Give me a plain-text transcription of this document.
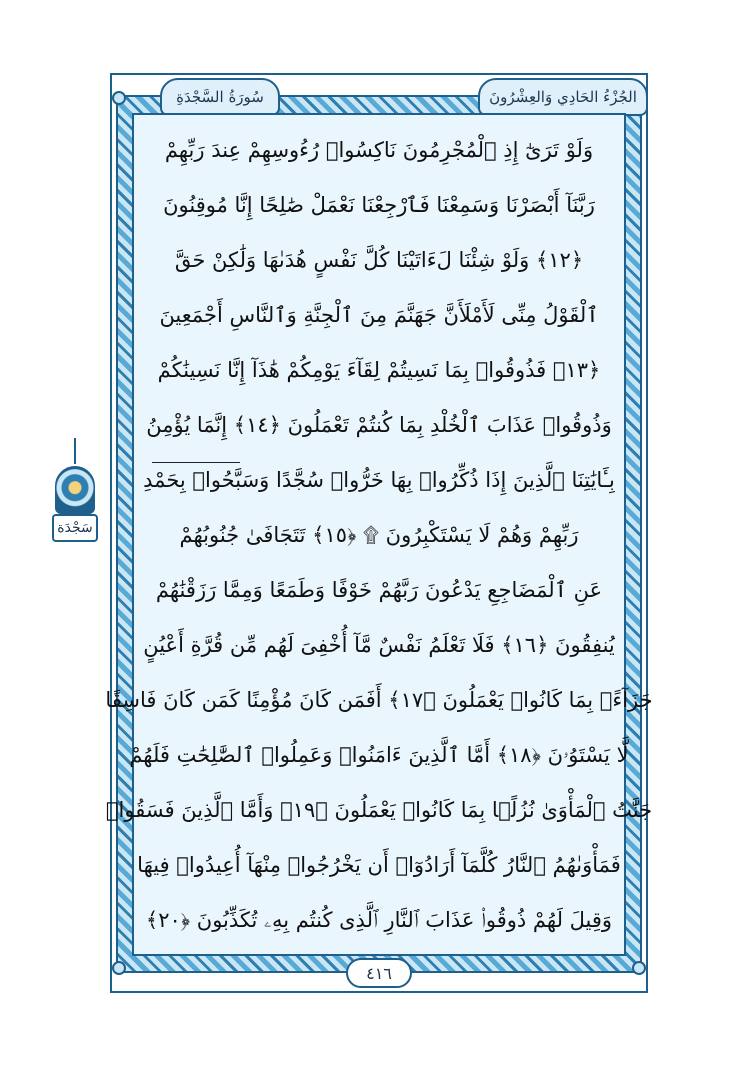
الجُزْءُ الحَادِي وَالعِشْرُونَ
سُورَةُ السَّجْدَةِ
وَلَوْ تَرَىٰٓ إِذِ ٱلْمُجْرِمُونَ نَاكِسُوا۟ رُءُوسِهِمْ عِندَ رَبِّهِمْ
رَبَّنَآ أَبْصَرْنَا وَسَمِعْنَا فَٱرْجِعْنَا نَعْمَلْ صَٰلِحًا إِنَّا مُوقِنُونَ
﴿١٢﴾ وَلَوْ شِئْنَا لَءَاتَيْنَا كُلَّ نَفْسٍ هُدَىٰهَا وَلَٰكِنْ حَقَّ
ٱلْقَوْلُ مِنِّى لَأَمْلَأَنَّ جَهَنَّمَ مِنَ ٱلْجِنَّةِ وَٱلنَّاسِ أَجْمَعِينَ
﴿١٣﴾ فَذُوقُوا۟ بِمَا نَسِيتُمْ لِقَآءَ يَوْمِكُمْ هَٰذَآ إِنَّا نَسِينَٰكُمْ
وَذُوقُوا۟ عَذَابَ ٱلْخُلْدِ بِمَا كُنتُمْ تَعْمَلُونَ ﴿١٤﴾ إِنَّمَا يُؤْمِنُ
بِـَٔايَٰتِنَا ٱلَّذِينَ إِذَا ذُكِّرُوا۟ بِهَا خَرُّوا۟ سُجَّدًا وَسَبَّحُوا۟ بِحَمْدِ
رَبِّهِمْ وَهُمْ لَا يَسْتَكْبِرُونَ ۩ ﴿١٥﴾ تَتَجَافَىٰ جُنُوبُهُمْ
عَنِ ٱلْمَضَاجِعِ يَدْعُونَ رَبَّهُمْ خَوْفًا وَطَمَعًا وَمِمَّا رَزَقْنَٰهُمْ
يُنفِقُونَ ﴿١٦﴾ فَلَا تَعْلَمُ نَفْسٌ مَّآ أُخْفِىَ لَهُم مِّن قُرَّةِ أَعْيُنٍ
جَزَآءًۢ بِمَا كَانُوا۟ يَعْمَلُونَ ﴿١٧﴾ أَفَمَن كَانَ مُؤْمِنًا كَمَن كَانَ فَاسِقًا
لَّا يَسْتَوُۥنَ ﴿١٨﴾ أَمَّا ٱلَّذِينَ ءَامَنُوا۟ وَعَمِلُوا۟ ٱلصَّٰلِحَٰتِ فَلَهُمْ
جَنَّٰتُ ٱلْمَأْوَىٰ نُزُلًۢا بِمَا كَانُوا۟ يَعْمَلُونَ ﴿١٩﴾ وَأَمَّا ٱلَّذِينَ فَسَقُوا۟
فَمَأْوَىٰهُمُ ٱلنَّارُ كُلَّمَآ أَرَادُوٓا۟ أَن يَخْرُجُوا۟ مِنْهَآ أُعِيدُوا۟ فِيهَا
وَقِيلَ لَهُمْ ذُوقُوا۟ عَذَابَ ٱلنَّارِ ٱلَّذِى كُنتُم بِهِۦ تُكَذِّبُونَ ﴿٢٠﴾
سَجْدَة
٤١٦
